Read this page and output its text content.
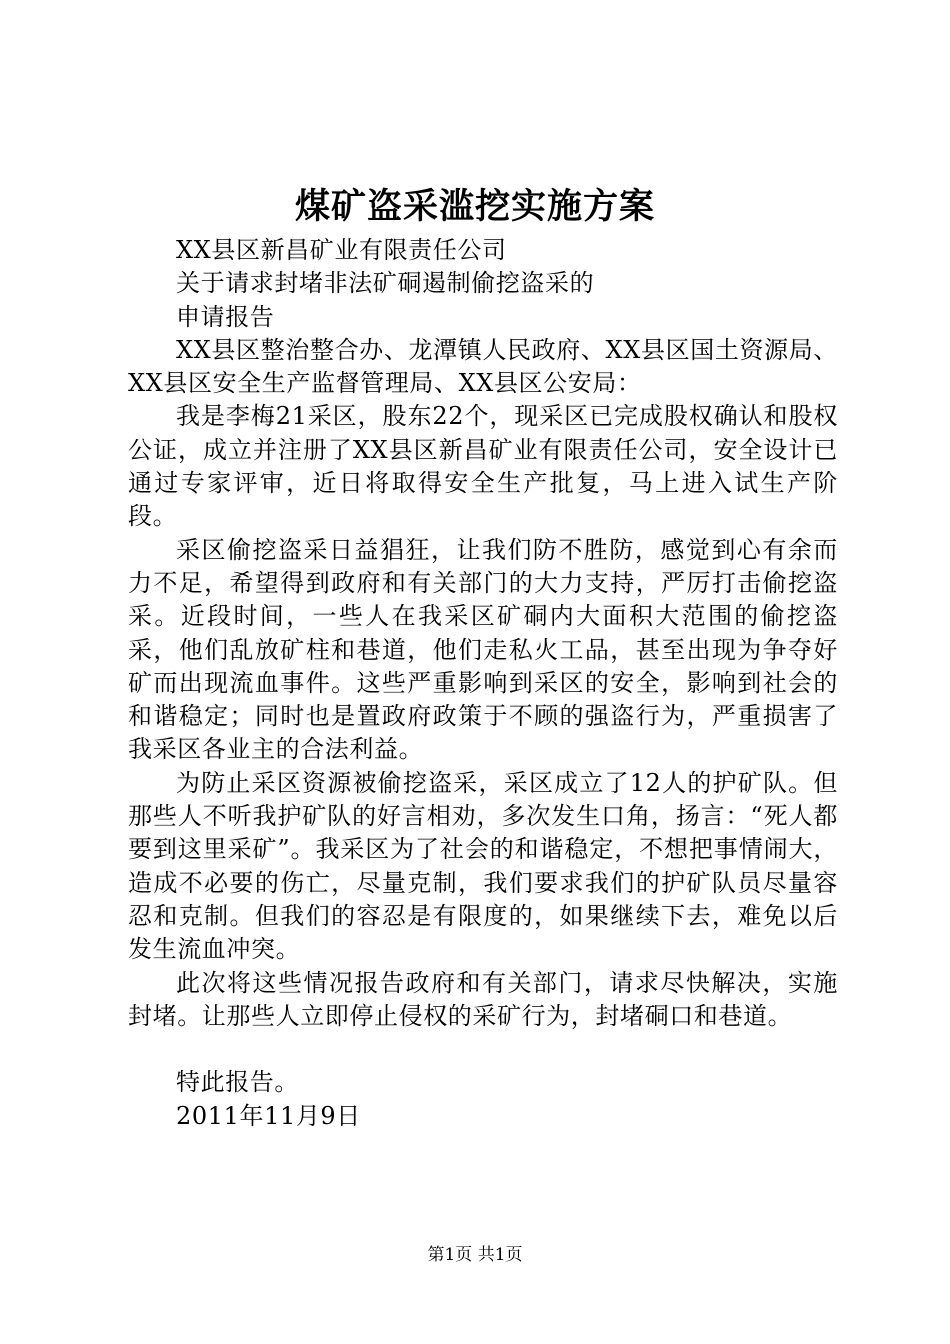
煤矿盗采滥挖实施方案
XX县区新昌矿业有限责任公司
关于请求封堵非法矿硐遏制偷挖盗采的
申请报告

XX县区整治整合办、龙潭镇人民政府、XX县区国土资源局、XX县区安全生产监督管理局、XX县区公安局：

我是李梅21采区，股东22个，现采区已完成股权确认和股权公证，成立并注册了XX县区新昌矿业有限责任公司，安全设计已通过专家评审，近日将取得安全生产批复，马上进入试生产阶段。

采区偷挖盗采日益猖狂，让我们防不胜防，感觉到心有余而力不足，希望得到政府和有关部门的大力支持，严厉打击偷挖盗采。近段时间，一些人在我采区矿硐内大面积大范围的偷挖盗采，他们乱放矿柱和巷道，他们走私火工品，甚至出现为争夺好矿而出现流血事件。这些严重影响到采区的安全，影响到社会的和谐稳定；同时也是置政府政策于不顾的强盗行为，严重损害了我采区各业主的合法利益。

为防止采区资源被偷挖盗采，采区成立了12人的护矿队。但那些人不听我护矿队的好言相劝，多次发生口角，扬言：“死人都要到这里采矿”。我采区为了社会的和谐稳定，不想把事情闹大，造成不必要的伤亡，尽量克制，我们要求我们的护矿队员尽量容忍和克制。但我们的容忍是有限度的，如果继续下去，难免以后发生流血冲突。

此次将这些情况报告政府和有关部门，请求尽快解决，实施封堵。让那些人立即停止侵权的采矿行为，封堵硐口和巷道。

特此报告。
2011年11月9日
第1页 共1页
